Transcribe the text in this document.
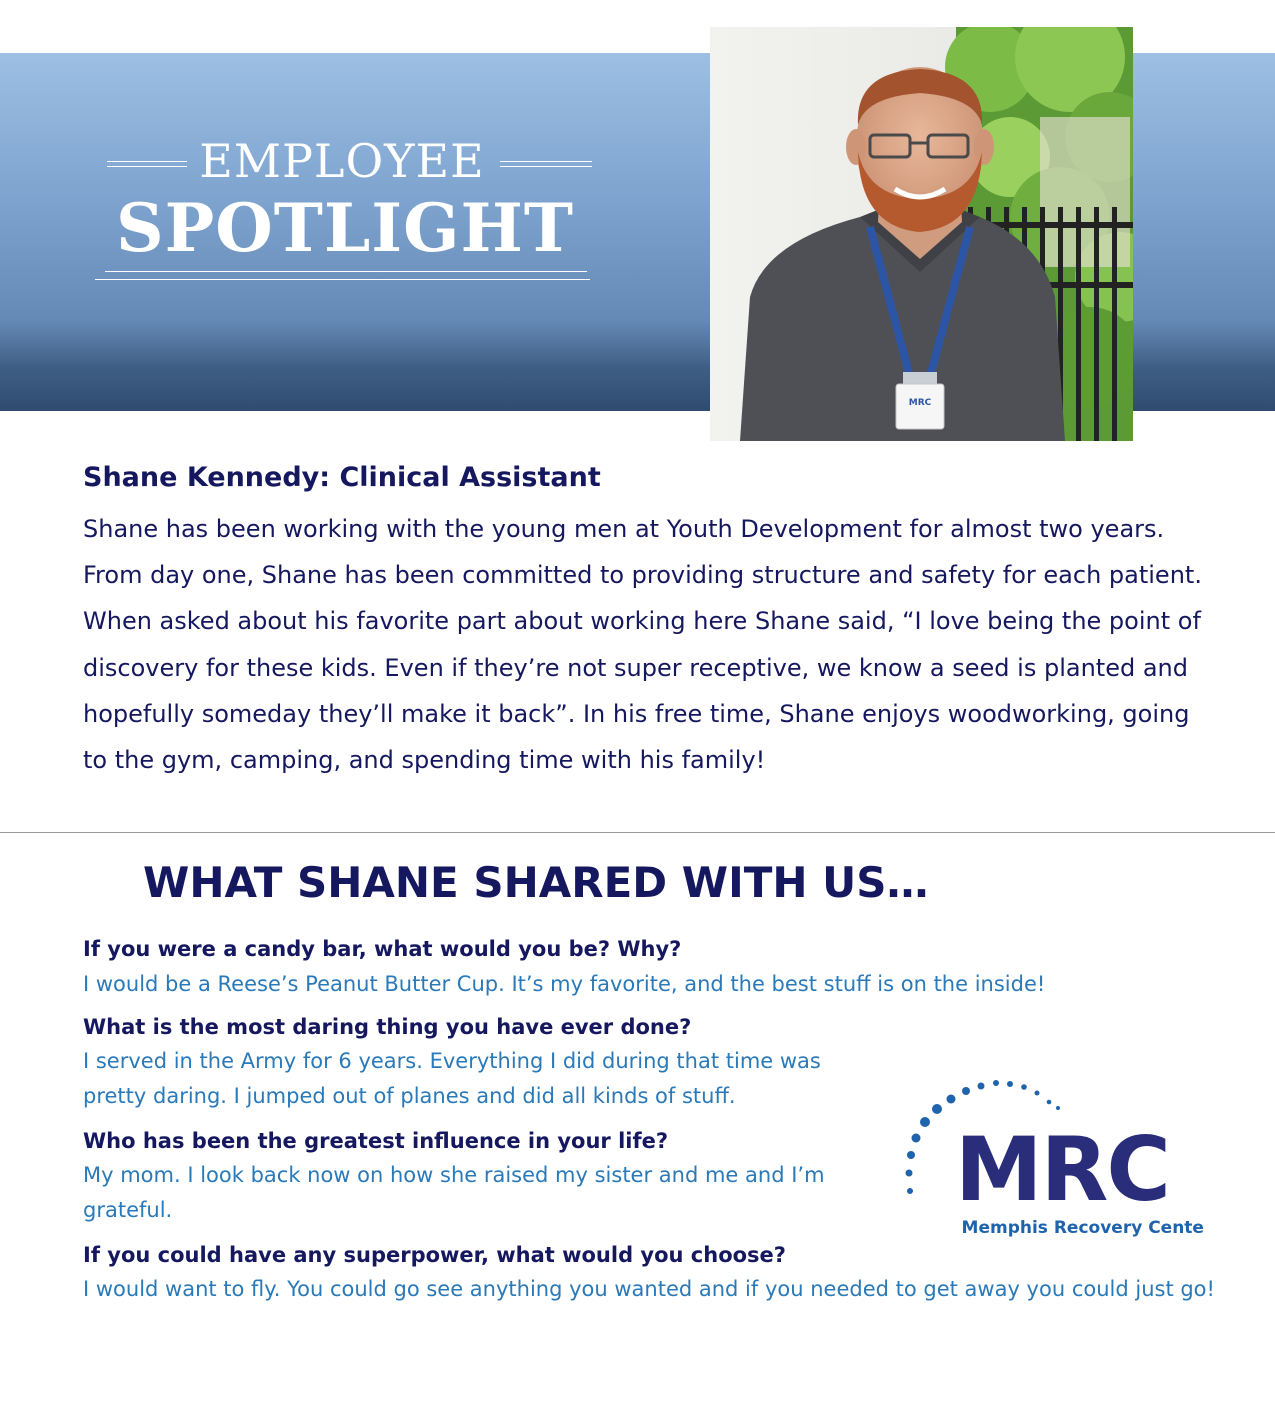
EMPLOYEE
SPOTLIGHT
MRC
Shane Kennedy: Clinical Assistant
Shane has been working with the young men at Youth Development for almost two years. From day one, Shane has been committed to providing structure and safety for each patient. When asked about his favorite part about working here Shane said, “I love being the point of discovery for these kids. Even if they’re not super receptive, we know a seed is planted and hopefully someday they’ll make it back”. In his free time, Shane enjoys woodworking, going to the gym, camping, and spending time with his family!
WHAT SHANE SHARED WITH US…
If you were a candy bar, what would you be? Why?
I would be a Reese’s Peanut Butter Cup. It’s my favorite, and the best stuff is on the inside!
What is the most daring thing you have ever done?
I served in the Army for 6 years. Everything I did during that time was pretty daring. I jumped out of planes and did all kinds of stuff.
Who has been the greatest influence in your life?
My mom. I look back now on how she raised my sister and me and I’m grateful.
If you could have any superpower, what would you choose?
I would want to fly. You could go see anything you wanted and if you needed to get away you could just go!
MRC
Memphis Recovery Centers
